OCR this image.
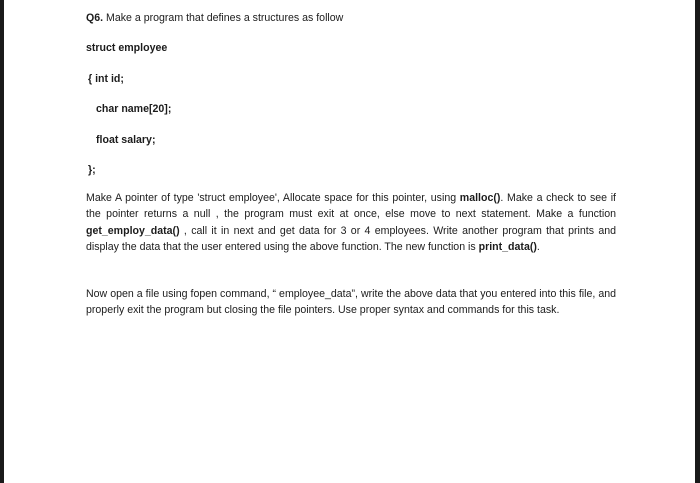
Q6. Make a program that defines a structures as follow
struct employee
{ int id;
char name[20];
float salary;
};
Make A pointer of type 'struct employee', Allocate space for this pointer, using malloc(). Make a check to see if the pointer returns a null , the program must exit at once, else move to next statement. Make a function get_employ_data() , call it in next and get data for 3 or 4 employees. Write another program that prints and display the data that the user entered using the above function. The new function is print_data().
Now open a file using fopen command, “ employee_data”, write the above data that you entered into this file, and properly exit the program but closing the file pointers. Use proper syntax and commands for this task.
